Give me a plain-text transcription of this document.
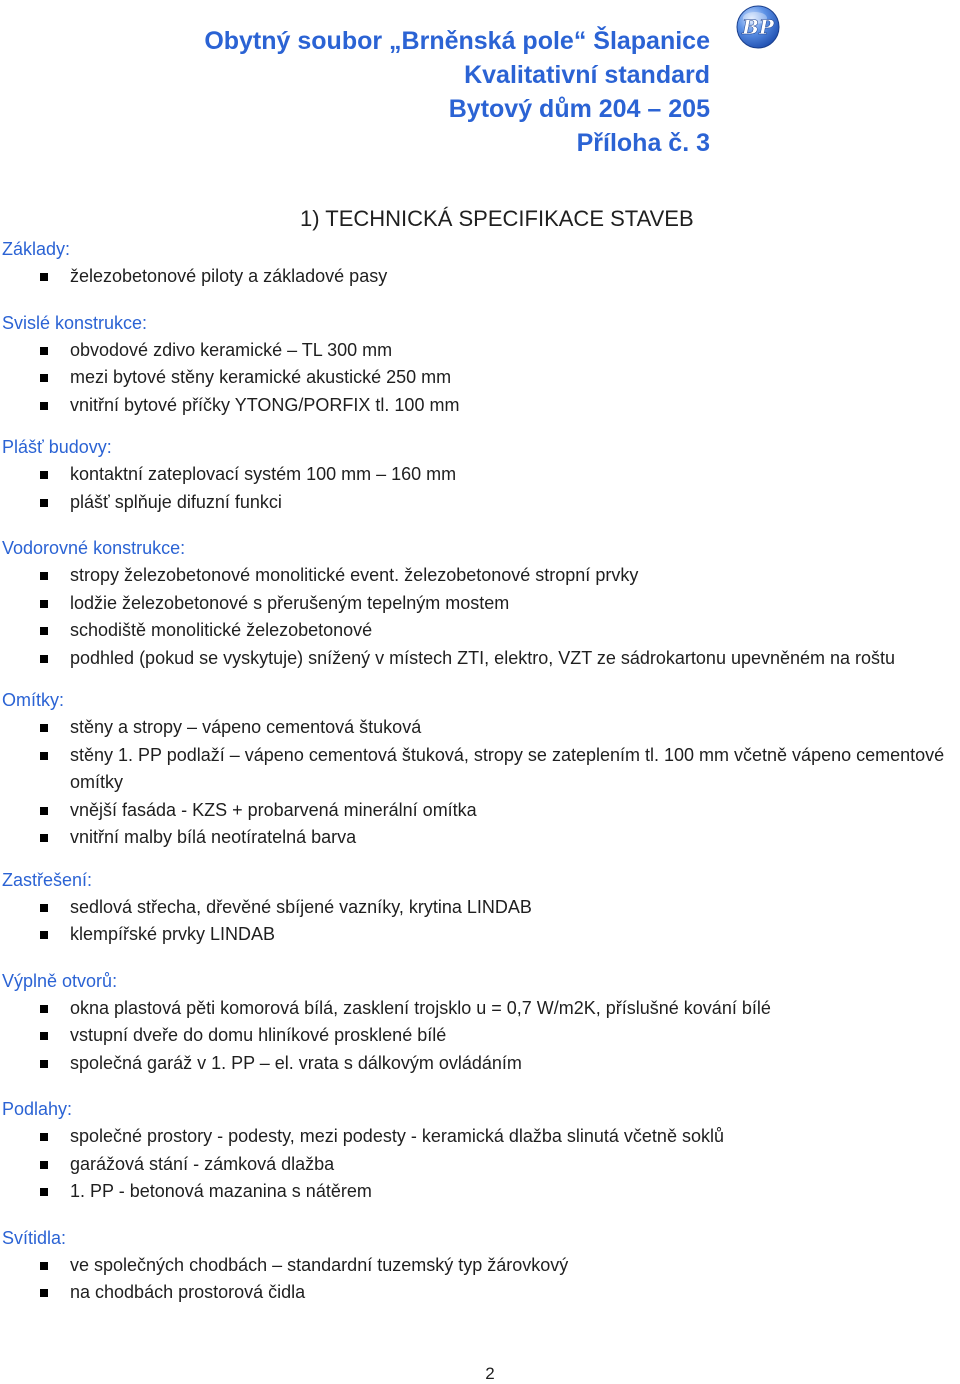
Obytný soubor „Brněnská pole“ Šlapanice
Kvalitativní standard
Bytový dům 204 – 205
Příloha č. 3
BP
1) TECHNICKÁ SPECIFIKACE STAVEB
Základy:
železobetonové piloty a základové pasy
Svislé konstrukce:
obvodové zdivo keramické – TL 300 mm
mezi bytové stěny keramické akustické 250 mm
vnitřní bytové příčky YTONG/PORFIX tl. 100 mm
Plášť budovy:
kontaktní zateplovací systém 100 mm – 160 mm
plášť splňuje difuzní funkci
Vodorovné konstrukce:
stropy železobetonové monolitické event. železobetonové stropní prvky
lodžie železobetonové s přerušeným tepelným mostem
schodiště monolitické železobetonové
podhled (pokud se vyskytuje) snížený v místech ZTI, elektro, VZT ze sádrokartonu upevněném na roštu
Omítky:
stěny a stropy – vápeno cementová štuková
stěny 1. PP podlaží – vápeno cementová štuková, stropy se zateplením tl. 100 mm včetně vápeno cementové omítky
vnější fasáda - KZS + probarvená minerální omítka
vnitřní malby bílá neotíratelná barva
Zastřešení:
sedlová střecha, dřevěné sbíjené vazníky, krytina LINDAB
klempířské prvky LINDAB
Výplně otvorů:
okna plastová pěti komorová bílá, zasklení trojsklo u = 0,7 W/m2K, příslušné kování bílé
vstupní dveře do domu hliníkové prosklené bílé
společná garáž v 1. PP – el. vrata s dálkovým ovládáním
Podlahy:
společné prostory - podesty, mezi podesty - keramická dlažba slinutá včetně soklů
garážová stání - zámková dlažba
1. PP - betonová mazanina s nátěrem
Svítidla:
ve společných chodbách – standardní tuzemský typ žárovkový
na chodbách prostorová čidla
2
